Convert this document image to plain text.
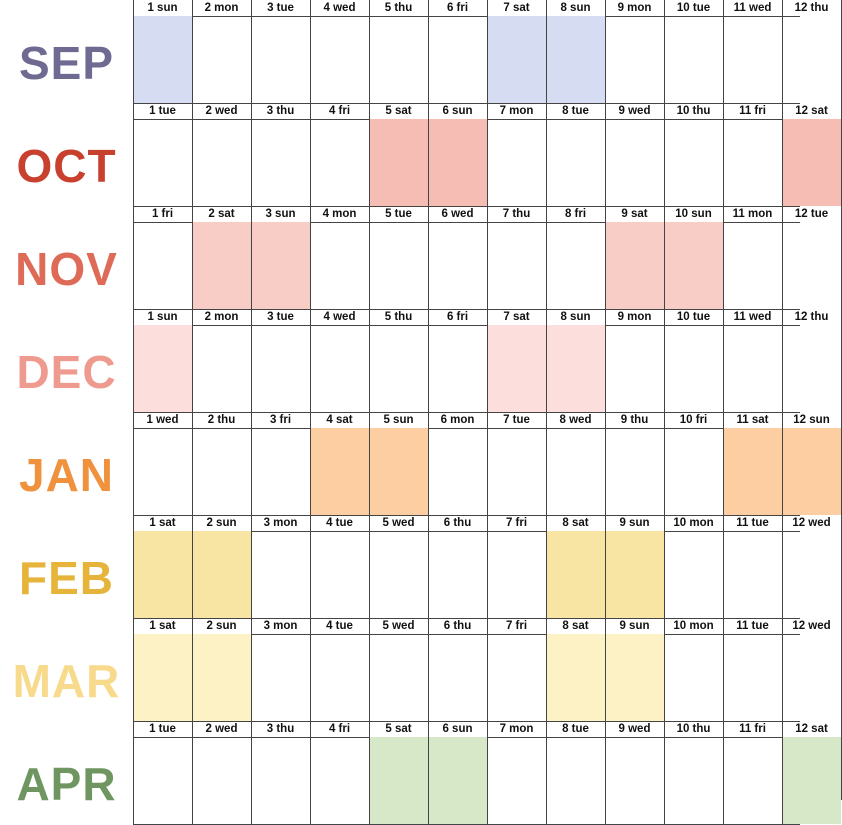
SEP
1 sun	2 mon	3 tue	4 wed	5 thu	6 fri	7 sat	8 sun	9 mon	10 tue	11 wed	12 thu
OCT
1 tue	2 wed	3 thu	4 fri	5 sat	6 sun	7 mon	8 tue	9 wed	10 thu	11 fri	12 sat
NOV
1 fri	2 sat	3 sun	4 mon	5 tue	6 wed	7 thu	8 fri	9 sat	10 sun	11 mon	12 tue
DEC
1 sun	2 mon	3 tue	4 wed	5 thu	6 fri	7 sat	8 sun	9 mon	10 tue	11 wed	12 thu
JAN
1 wed	2 thu	3 fri	4 sat	5 sun	6 mon	7 tue	8 wed	9 thu	10 fri	11 sat	12 sun
FEB
1 sat	2 sun	3 mon	4 tue	5 wed	6 thu	7 fri	8 sat	9 sun	10 mon	11 tue	12 wed
MAR
1 sat	2 sun	3 mon	4 tue	5 wed	6 thu	7 fri	8 sat	9 sun	10 mon	11 tue	12 wed
APR
1 tue	2 wed	3 thu	4 fri	5 sat	6 sun	7 mon	8 tue	9 wed	10 thu	11 fri	12 sat
